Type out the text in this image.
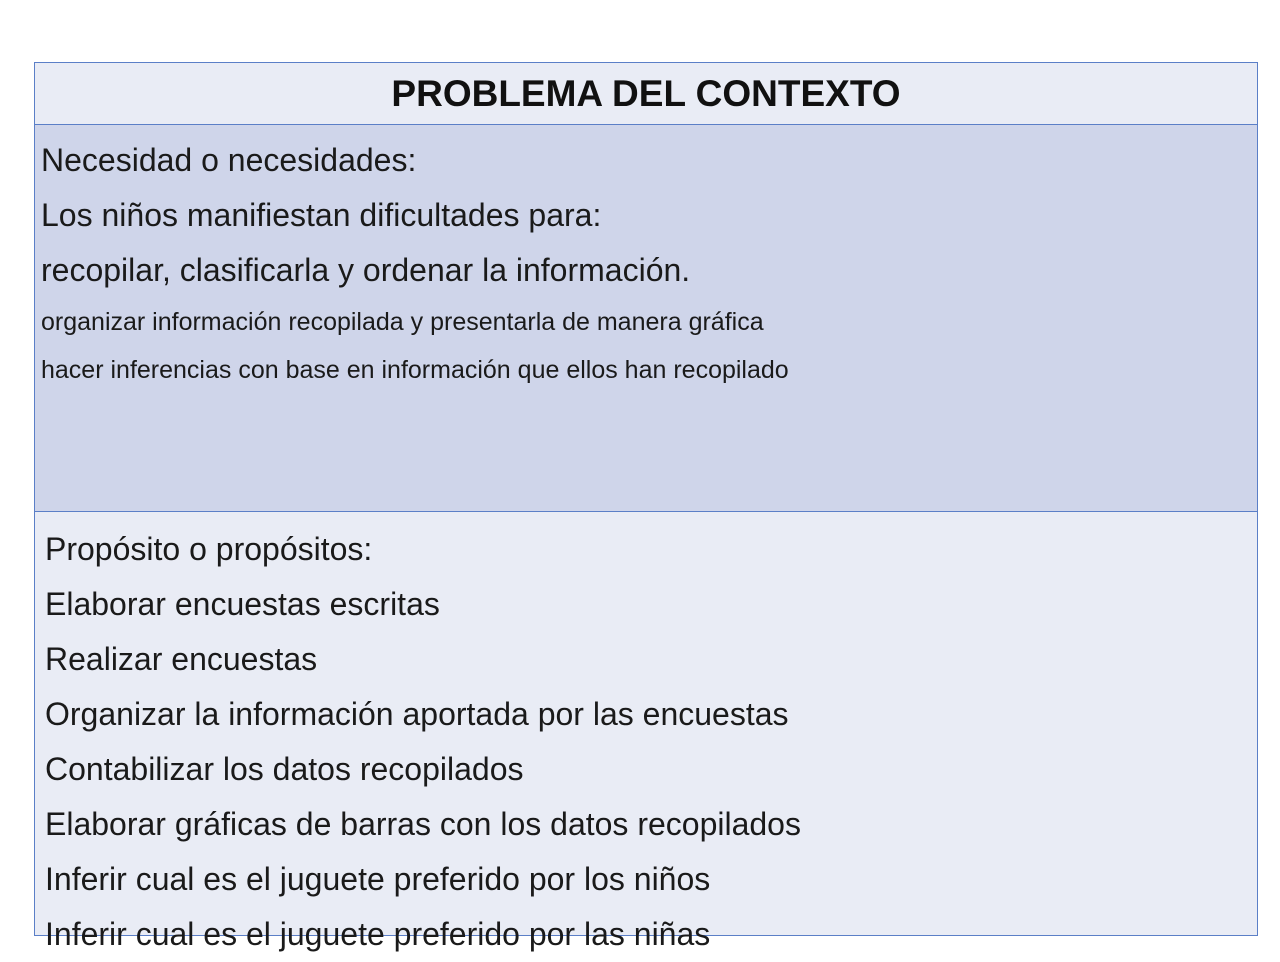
PROBLEMA DEL CONTEXTO
Necesidad o necesidades:
Los niños manifiestan dificultades para:
recopilar, clasificarla y ordenar la información.
organizar información recopilada y presentarla de manera gráfica
hacer inferencias con base en información que ellos han recopilado
Propósito o propósitos:
Elaborar encuestas escritas
Realizar encuestas
Organizar la información aportada por las encuestas
Contabilizar los datos recopilados
Elaborar gráficas de barras con los datos recopilados
Inferir cual es el juguete preferido por los niños
Inferir cual es el juguete preferido por las niñas
